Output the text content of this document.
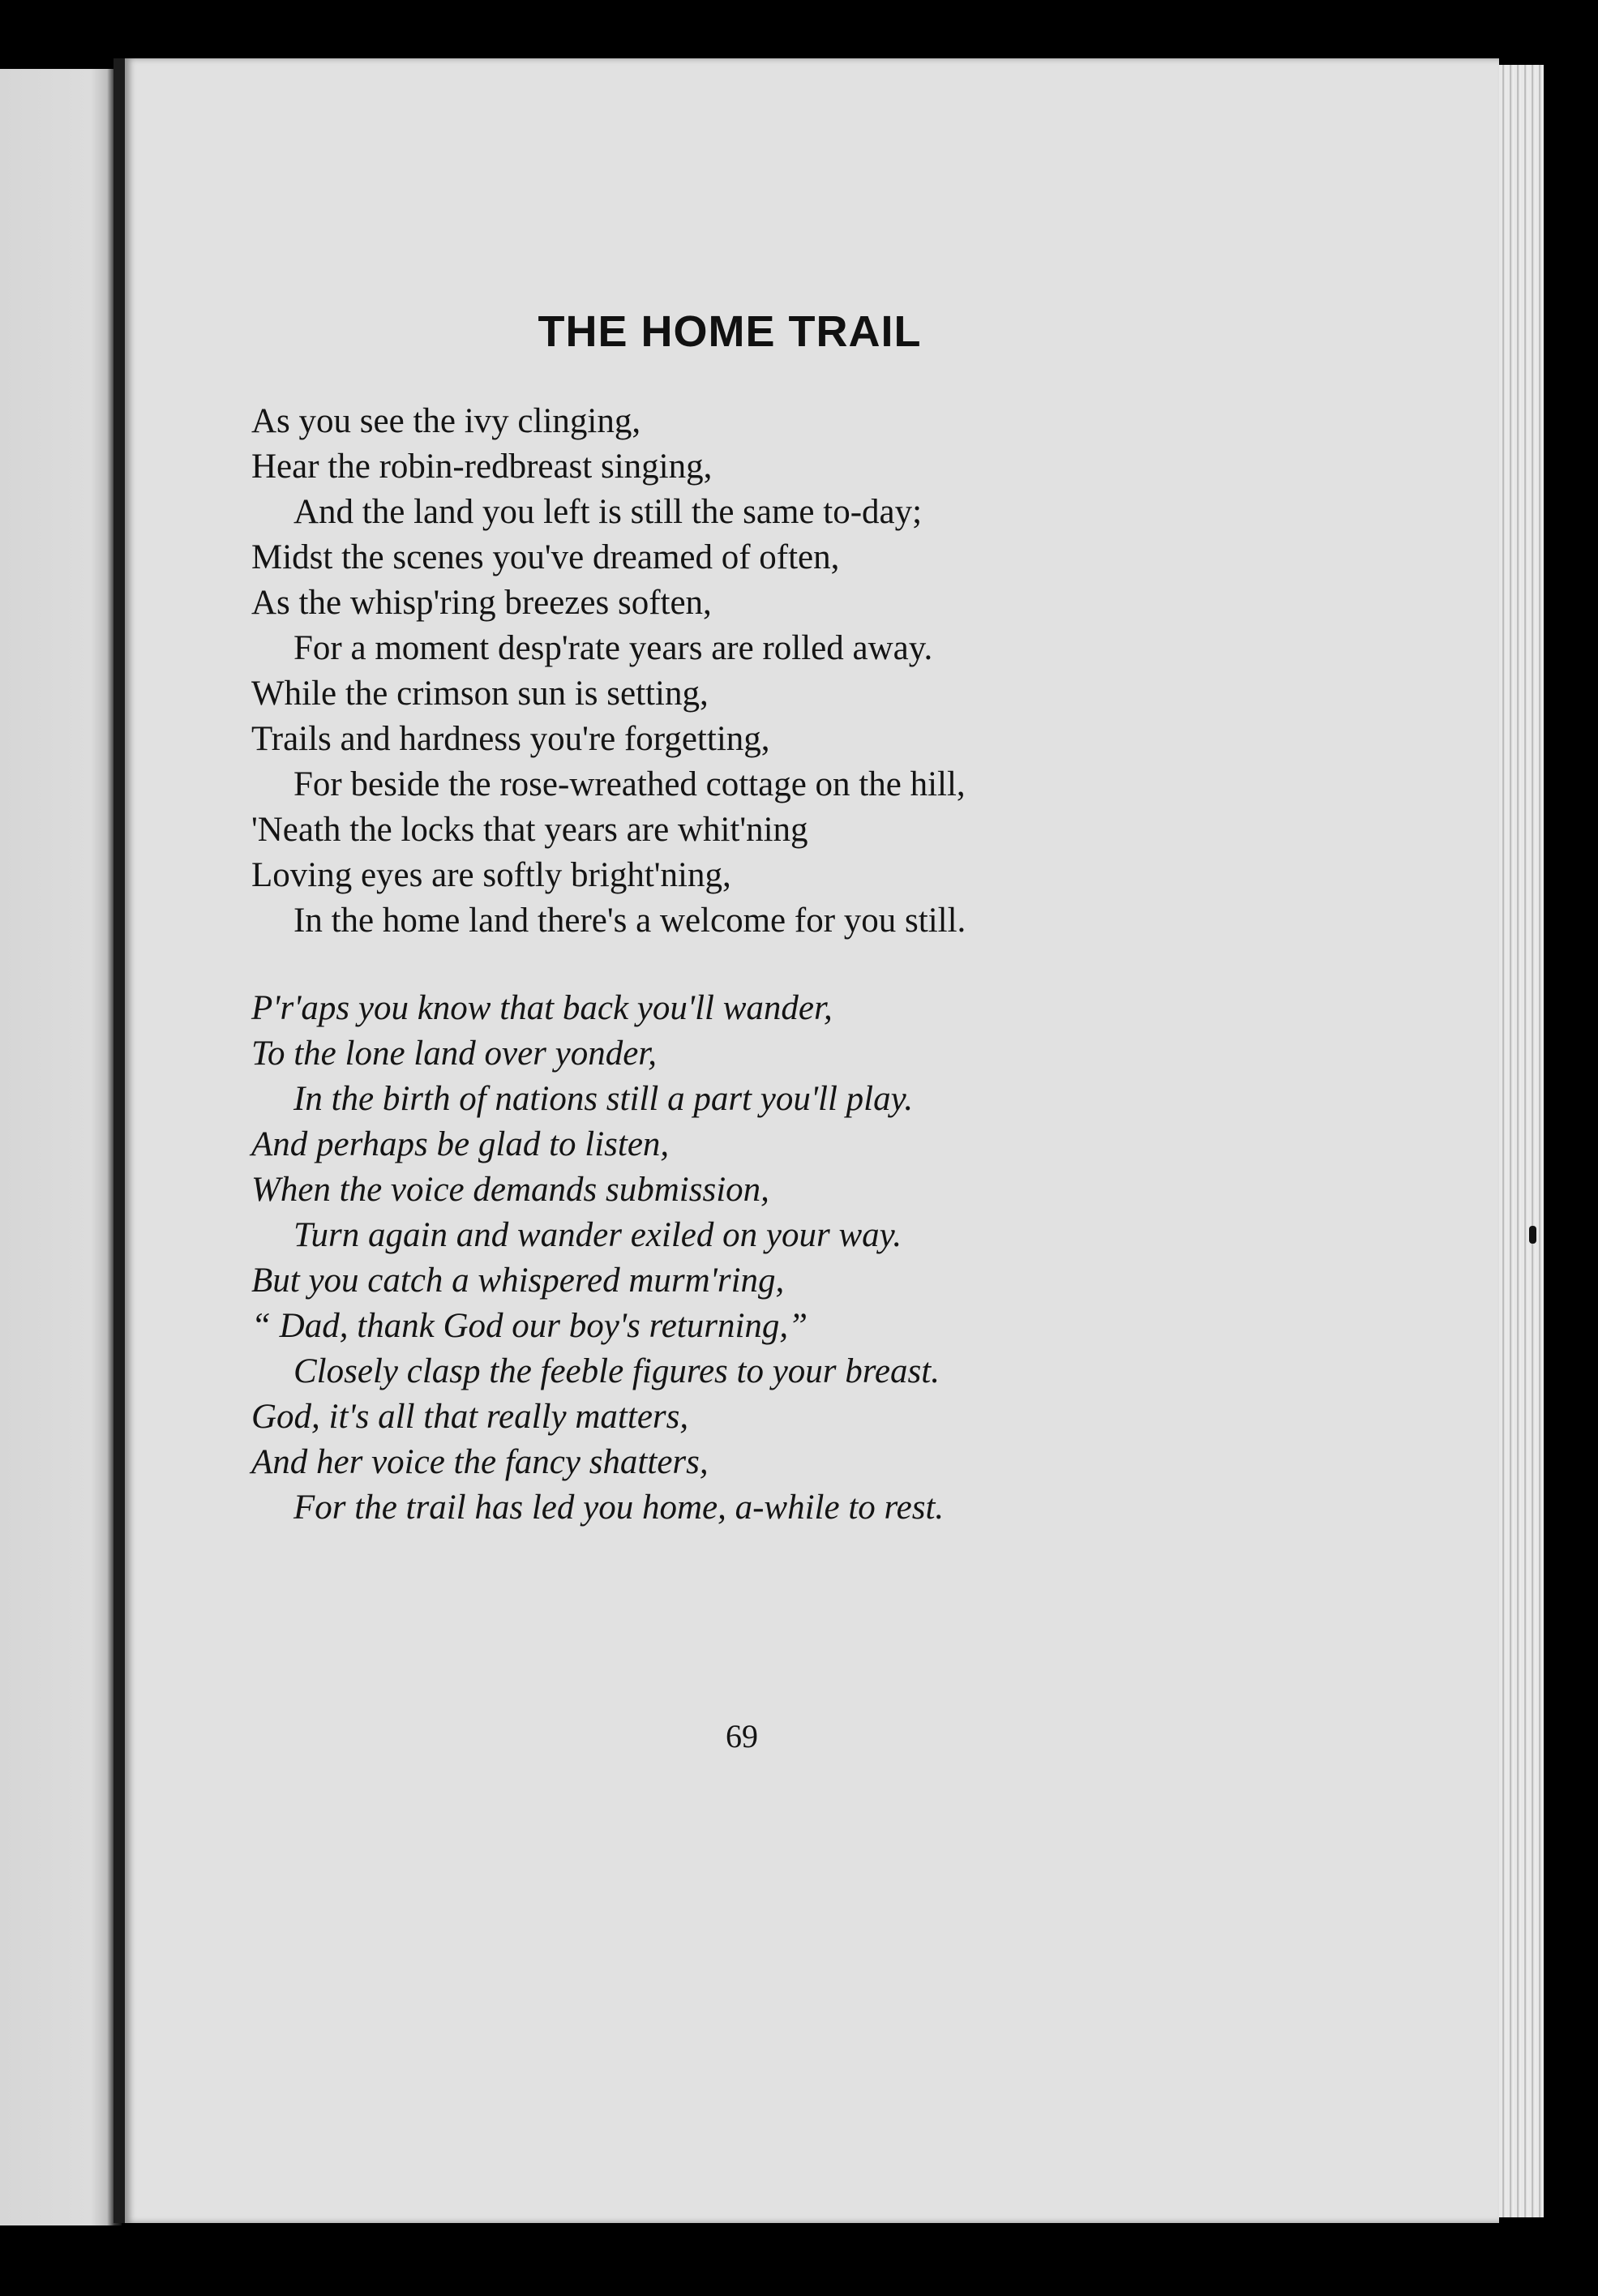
THE HOME TRAIL
As you see the ivy clinging,
Hear the robin-redbreast singing,
And the land you left is still the same to-day;
Midst the scenes you've dreamed of often,
As the whisp'ring breezes soften,
For a moment desp'rate years are rolled away.
While the crimson sun is setting,
Trails and hardness you're forgetting,
For beside the rose-wreathed cottage on the hill,
'Neath the locks that years are whit'ning
Loving eyes are softly bright'ning,
In the home land there's a welcome for you still.
P'r'aps you know that back you'll wander,
To the lone land over yonder,
In the birth of nations still a part you'll play.
And perhaps be glad to listen,
When the voice demands submission,
Turn again and wander exiled on your way.
But you catch a whispered murm'ring,
“ Dad, thank God our boy's returning,”
Closely clasp the feeble figures to your breast.
God, it's all that really matters,
And her voice the fancy shatters,
For the trail has led you home, a-while to rest.
69
